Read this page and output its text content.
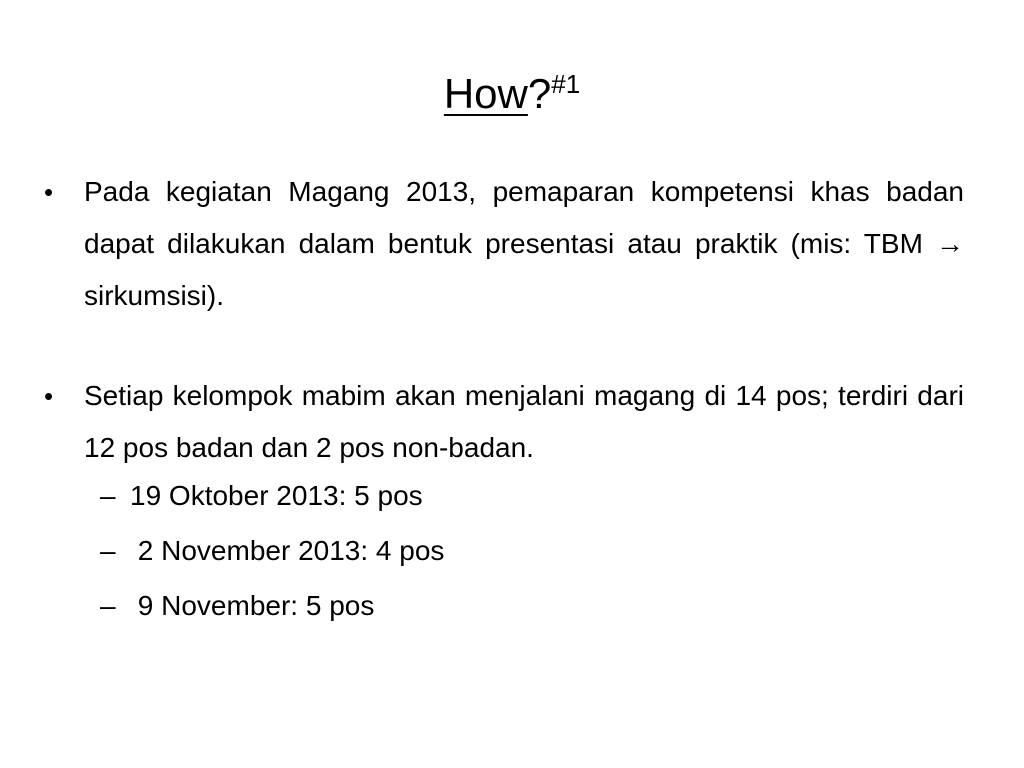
How?$^{\#1}$
•	Pada kegiatan Magang 2013, pemaparan kompetensi khas badan dapat dilakukan dalam bentuk presentasi atau praktik (mis: TBM → sirkumsisi).
•	Setiap kelompok mabim akan menjalani magang di 14 pos; terdiri dari 12 pos badan dan 2 pos non-badan.
– 19 Oktober 2013: 5 pos
– 2 November 2013: 4 pos
– 9 November: 5 pos
